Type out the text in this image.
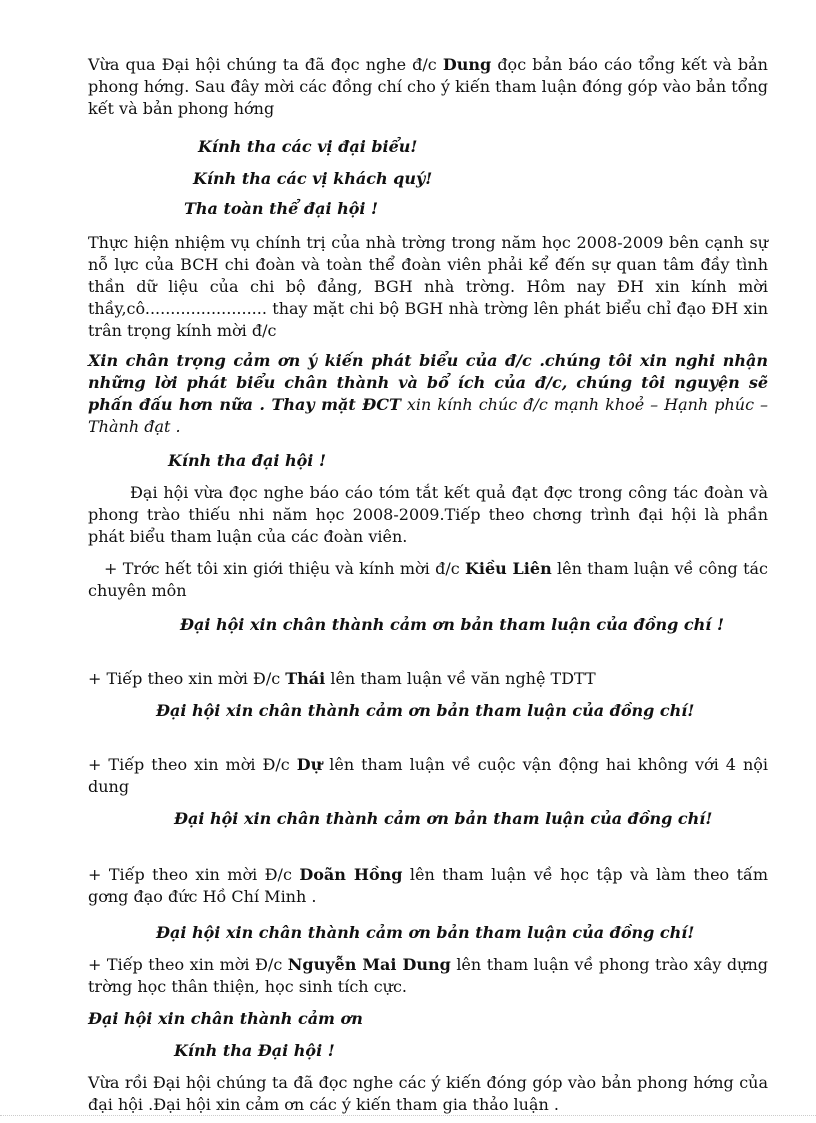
Vừa qua Đại hội chúng ta đã đọc nghe đ/c Dung đọc bản báo cáo tổng kết và bản phong hớng. Sau đây mời các đồng chí cho ý kiến tham luận đóng góp vào bản tổng kết và bản phong hớng

Kính tha các vị đại biểu!

Kính tha các vị khách quý!

Tha toàn thể đại hội !

Thực hiện nhiệm vụ chính trị của nhà trờng trong năm học 2008-2009 bên cạnh sự nỗ lực của BCH chi đoàn và toàn thể đoàn viên phải kể đến sự quan tâm đầy tình thần dữ liệu của chi bộ đảng, BGH nhà trờng. Hôm nay ĐH xin kính mời thầy,cô........................ thay mặt chi bộ BGH nhà trờng lên phát biểu chỉ đạo ĐH xin trân trọng kính mời đ/c

Xin chân trọng cảm ơn ý kiến phát biểu của đ/c .chúng tôi xin nghi nhận những lời phát biểu chân thành và bổ ích của đ/c, chúng tôi nguyện sẽ phấn đấu hơn nữa . Thay mặt ĐCT xin kính chúc đ/c mạnh khoẻ – Hạnh phúc –Thành đạt .

Kính tha đại hội !

Đại hội vừa đọc nghe báo cáo tóm tắt kết quả đạt đợc trong công tác đoàn và phong trào thiếu nhi năm học 2008-2009.Tiếp theo chơng trình đại hội là phần phát biểu tham luận của các đoàn viên.

+ Trớc hết tôi xin giới thiệu và kính mời đ/c Kiều Liên lên tham luận về công tác chuyên môn

Đại hội xin chân thành cảm ơn bản tham luận của đồng chí !

+ Tiếp theo xin mời Đ/c Thái lên tham luận về văn nghệ TDTT

Đại hội xin chân thành cảm ơn bản tham luận của đồng chí!

+ Tiếp theo xin mời Đ/c Dự lên tham luận về cuộc vận động hai không với 4 nội dung

Đại hội xin chân thành cảm ơn bản tham luận của đồng chí!

+ Tiếp theo xin mời Đ/c Doãn Hồng lên tham luận về học tập và làm theo tấm gơng đạo đức Hồ Chí Minh .

Đại hội xin chân thành cảm ơn bản tham luận của đồng chí!

+ Tiếp theo xin mời Đ/c Nguyễn Mai Dung lên tham luận về phong trào xây dựng trờng học thân thiện, học sinh tích cực.

Đại hội xin chân thành cảm ơn

Kính tha Đại hội !

Vừa rồi Đại hội chúng ta đã đọc nghe các ý kiến đóng góp vào bản phong hớng của đại hội .Đại hội xin cảm ơn các ý kiến tham gia thảo luận .
